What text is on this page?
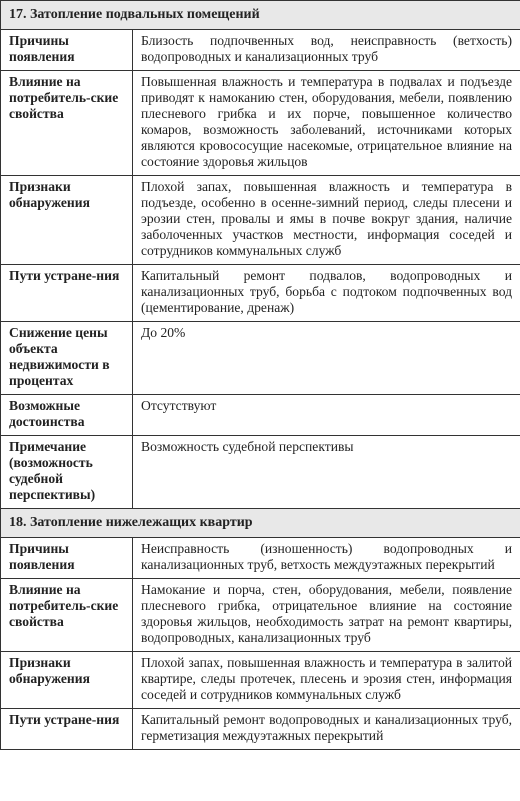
17. Затопление подвальных помещений	
Причины появления	Близость подпочвенных вод, неисправность (ветхость) водопроводных и канализационных труб
Влияние на потребитель-ские свойства	Повышенная влажность и температура в подвалах и подъезде приводят к намоканию стен, оборудования, мебели, появлению плесневого грибка и их порче, повышенное количество комаров, возможность заболеваний, источниками которых являются кровососущие насекомые, отрицательное влияние на состояние здоровья жильцов
Признаки обнаружения	Плохой запах, повышенная влажность и температура в подъезде, особенно в осенне-зимний период, следы плесени и эрозии стен, провалы и ямы в почве вокруг здания, наличие заболоченных участков местности, информация соседей и сотрудников коммунальных служб
Пути устране-ния	Капитальный ремонт подвалов, водопроводных и канализационных труб, борьба с подтоком подпочвенных вод (цементирование, дренаж)
Снижение цены объекта недвижимости в процентах	До 20%
Возможные достоинства	Отсутствуют
Примечание (возможность судебной перспективы)	Возможность судебной перспективы
18. Затопление нижележащих квартир	
Причины появления	Неисправность (изношенность) водопроводных и канализационных труб, ветхость междуэтажных перекрытий
Влияние на потребитель-ские свойства	Намокание и порча, стен, оборудования, мебели, появление плесневого грибка, отрицательное влияние на состояние здоровья жильцов, необходимость затрат на ремонт квартиры, водопроводных, канализационных труб
Признаки обнаружения	Плохой запах, повышенная влажность и температура в залитой квартире, следы протечек, плесень и эрозия стен, информация соседей и сотрудников коммунальных служб
Пути устране-ния	Капитальный ремонт водопроводных и канализационных труб, герметизация междуэтажных перекрытий
